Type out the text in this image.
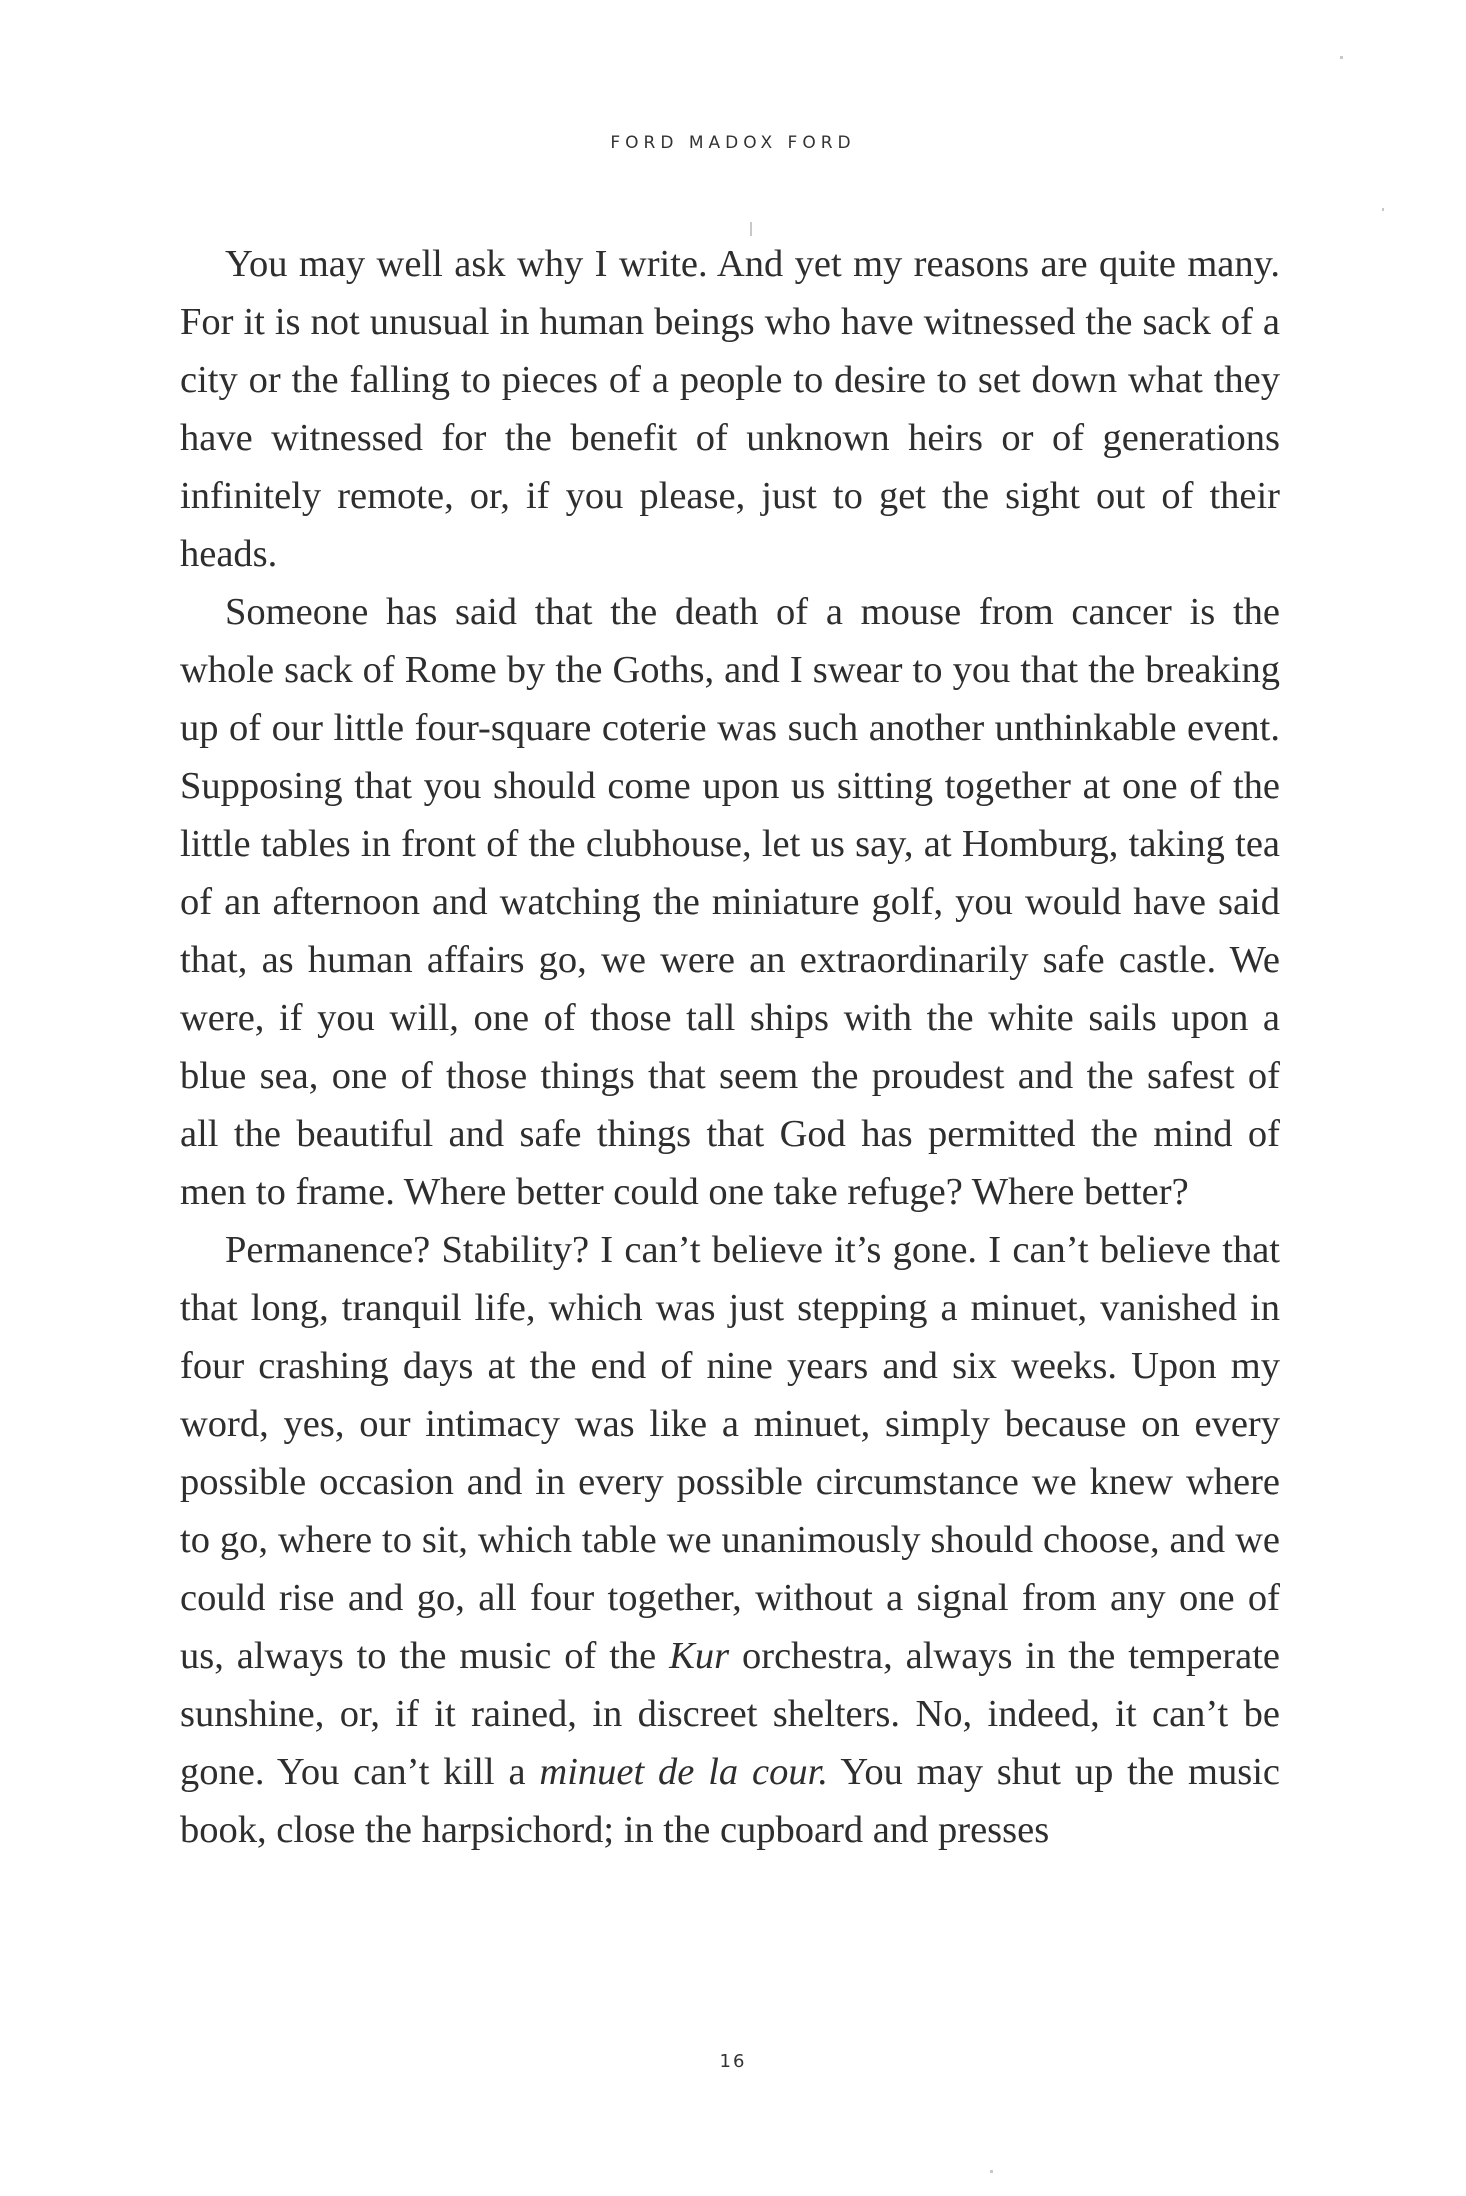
FORD MADOX FORD

You may well ask why I write. And yet my reasons are quite many. For it is not unusual in human beings who have witnessed the sack of a city or the falling to pieces of a people to desire to set down what they have witnessed for the benefit of unknown heirs or of generations infinitely remote, or, if you please, just to get the sight out of their heads.

Someone has said that the death of a mouse from cancer is the whole sack of Rome by the Goths, and I swear to you that the breaking up of our little four-square coterie was such another unthinkable event. Supposing that you should come upon us sitting together at one of the little tables in front of the clubhouse, let us say, at Homburg, taking tea of an afternoon and watching the miniature golf, you would have said that, as human affairs go, we were an extraordinarily safe castle. We were, if you will, one of those tall ships with the white sails upon a blue sea, one of those things that seem the proudest and the safest of all the beautiful and safe things that God has permitted the mind of men to frame. Where better could one take refuge? Where better?

Permanence? Stability? I can’t believe it’s gone. I can’t believe that that long, tranquil life, which was just stepping a minuet, vanished in four crashing days at the end of nine years and six weeks. Upon my word, yes, our intimacy was like a minuet, simply because on every possible occasion and in every possible circumstance we knew where to go, where to sit, which table we unanimously should choose, and we could rise and go, all four together, without a signal from any one of us, always to the music of the Kur orchestra, always in the temperate sunshine, or, if it rained, in discreet shelters. No, indeed, it can’t be gone. You can’t kill a minuet de la cour. You may shut up the music book, close the harpsichord; in the cupboard and presses

16
